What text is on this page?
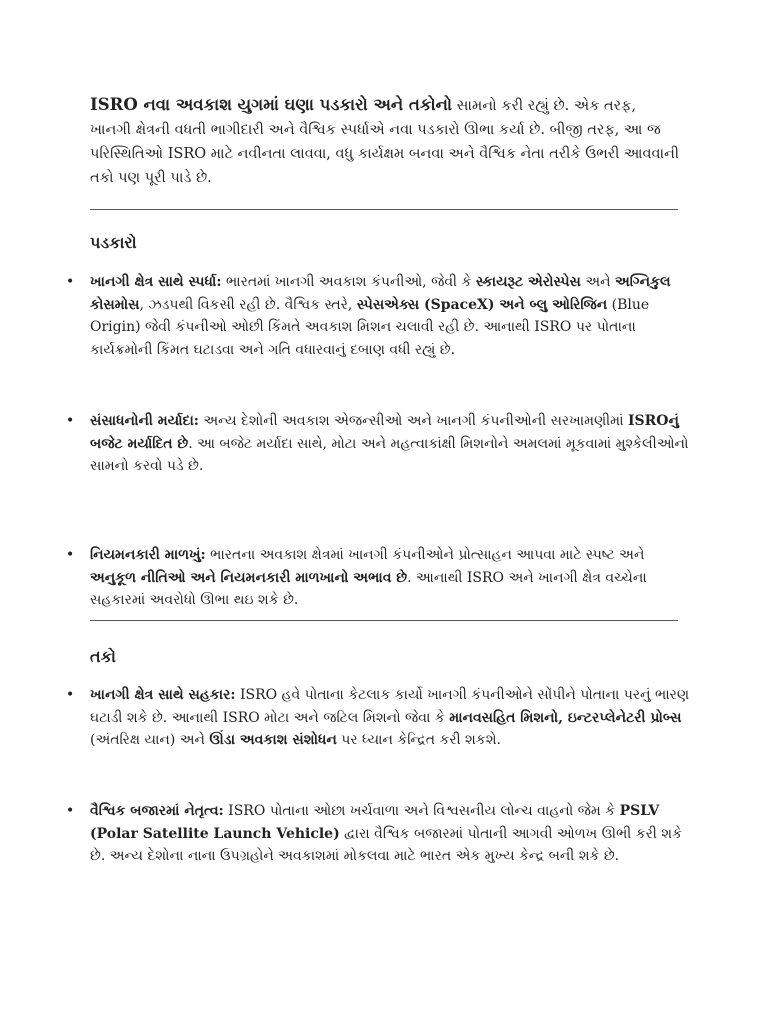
ISRO નવા અવકાશ યુગમાં ઘણા પડકારો અને તકોનો સામનો કરી રહ્યું છે. એક તરફ, ખાનગી ક્ષેત્રની વધતી ભાગીદારી અને વૈશ્વિક સ્પર્ધાએ નવા પડકારો ઊભા કર્યા છે. બીજી તરફ, આ જ પરિસ્થિતિઓ ISRO માટે નવીનતા લાવવા, વધુ કાર્યક્ષમ બનવા અને વૈશ્વિક નેતા તરીકે ઉભરી આવવાની તકો પણ પૂરી પાડે છે.

પડકારો

• ખાનગી ક્ષેત્ર સાથે સ્પર્ધા: ભારતમાં ખાનગી અવકાશ કંપનીઓ, જેવી કે સ્કાયરૂટ એરોસ્પેસ અને અગ્નિકુલ કોસમોસ, ઝડપથી વિકસી રહી છે. વૈશ્વિક સ્તરે, સ્પેસએક્સ (SpaceX) અને બ્લુ ઓરિજિન (Blue Origin) જેવી કંપનીઓ ઓછી કિંમતે અવકાશ મિશન ચલાવી રહી છે. આનાથી ISRO પર પોતાના કાર્યક્રમોની કિંમત ઘટાડવા અને ગતિ વધારવાનું દબાણ વધી રહ્યું છે.

• સંસાધનોની મર્યાદા: અન્ય દેશોની અવકાશ એજન્સીઓ અને ખાનગી કંપનીઓની સરખામણીમાં ISROનું બજેટ મર્યાદિત છે. આ બજેટ મર્યાદા સાથે, મોટા અને મહત્વાકાંક્ષી મિશનોને અમલમાં મૂકવામાં મુશ્કેલીઓનો સામનો કરવો પડે છે.

• નિયમનકારી માળખું: ભારતના અવકાશ ક્ષેત્રમાં ખાનગી કંપનીઓને પ્રોત્સાહન આપવા માટે સ્પષ્ટ અને અનુકૂળ નીતિઓ અને નિયમનકારી માળખાનો અભાવ છે. આનાથી ISRO અને ખાનગી ક્ષેત્ર વચ્ચેના સહકારમાં અવરોધો ઊભા થઇ શકે છે.

તકો

• ખાનગી ક્ષેત્ર સાથે સહકાર: ISRO હવે પોતાના કેટલાક કાર્યો ખાનગી કંપનીઓને સોંપીને પોતાના પરનું ભારણ ઘટાડી શકે છે. આનાથી ISRO મોટા અને જટિલ મિશનો જેવા કે માનવસહિત મિશનો, ઇન્ટરપ્લેનેટરી પ્રોબ્સ (અંતરિક્ષ યાન) અને ઊંડા અવકાશ સંશોધન પર ધ્યાન કેન્દ્રિત કરી શકશે.

• વૈશ્વિક બજારમાં નેતૃત્વ: ISRO પોતાના ઓછા ખર્ચવાળા અને વિશ્વસનીય લોન્ચ વાહનો જેમ કે PSLV (Polar Satellite Launch Vehicle) દ્વારા વૈશ્વિક બજારમાં પોતાની આગવી ઓળખ ઊભી કરી શકે છે. અન્ય દેશોના નાના ઉપગ્રહોને અવકાશમાં મોકલવા માટે ભારત એક મુખ્ય કેન્દ્ર બની શકે છે.
